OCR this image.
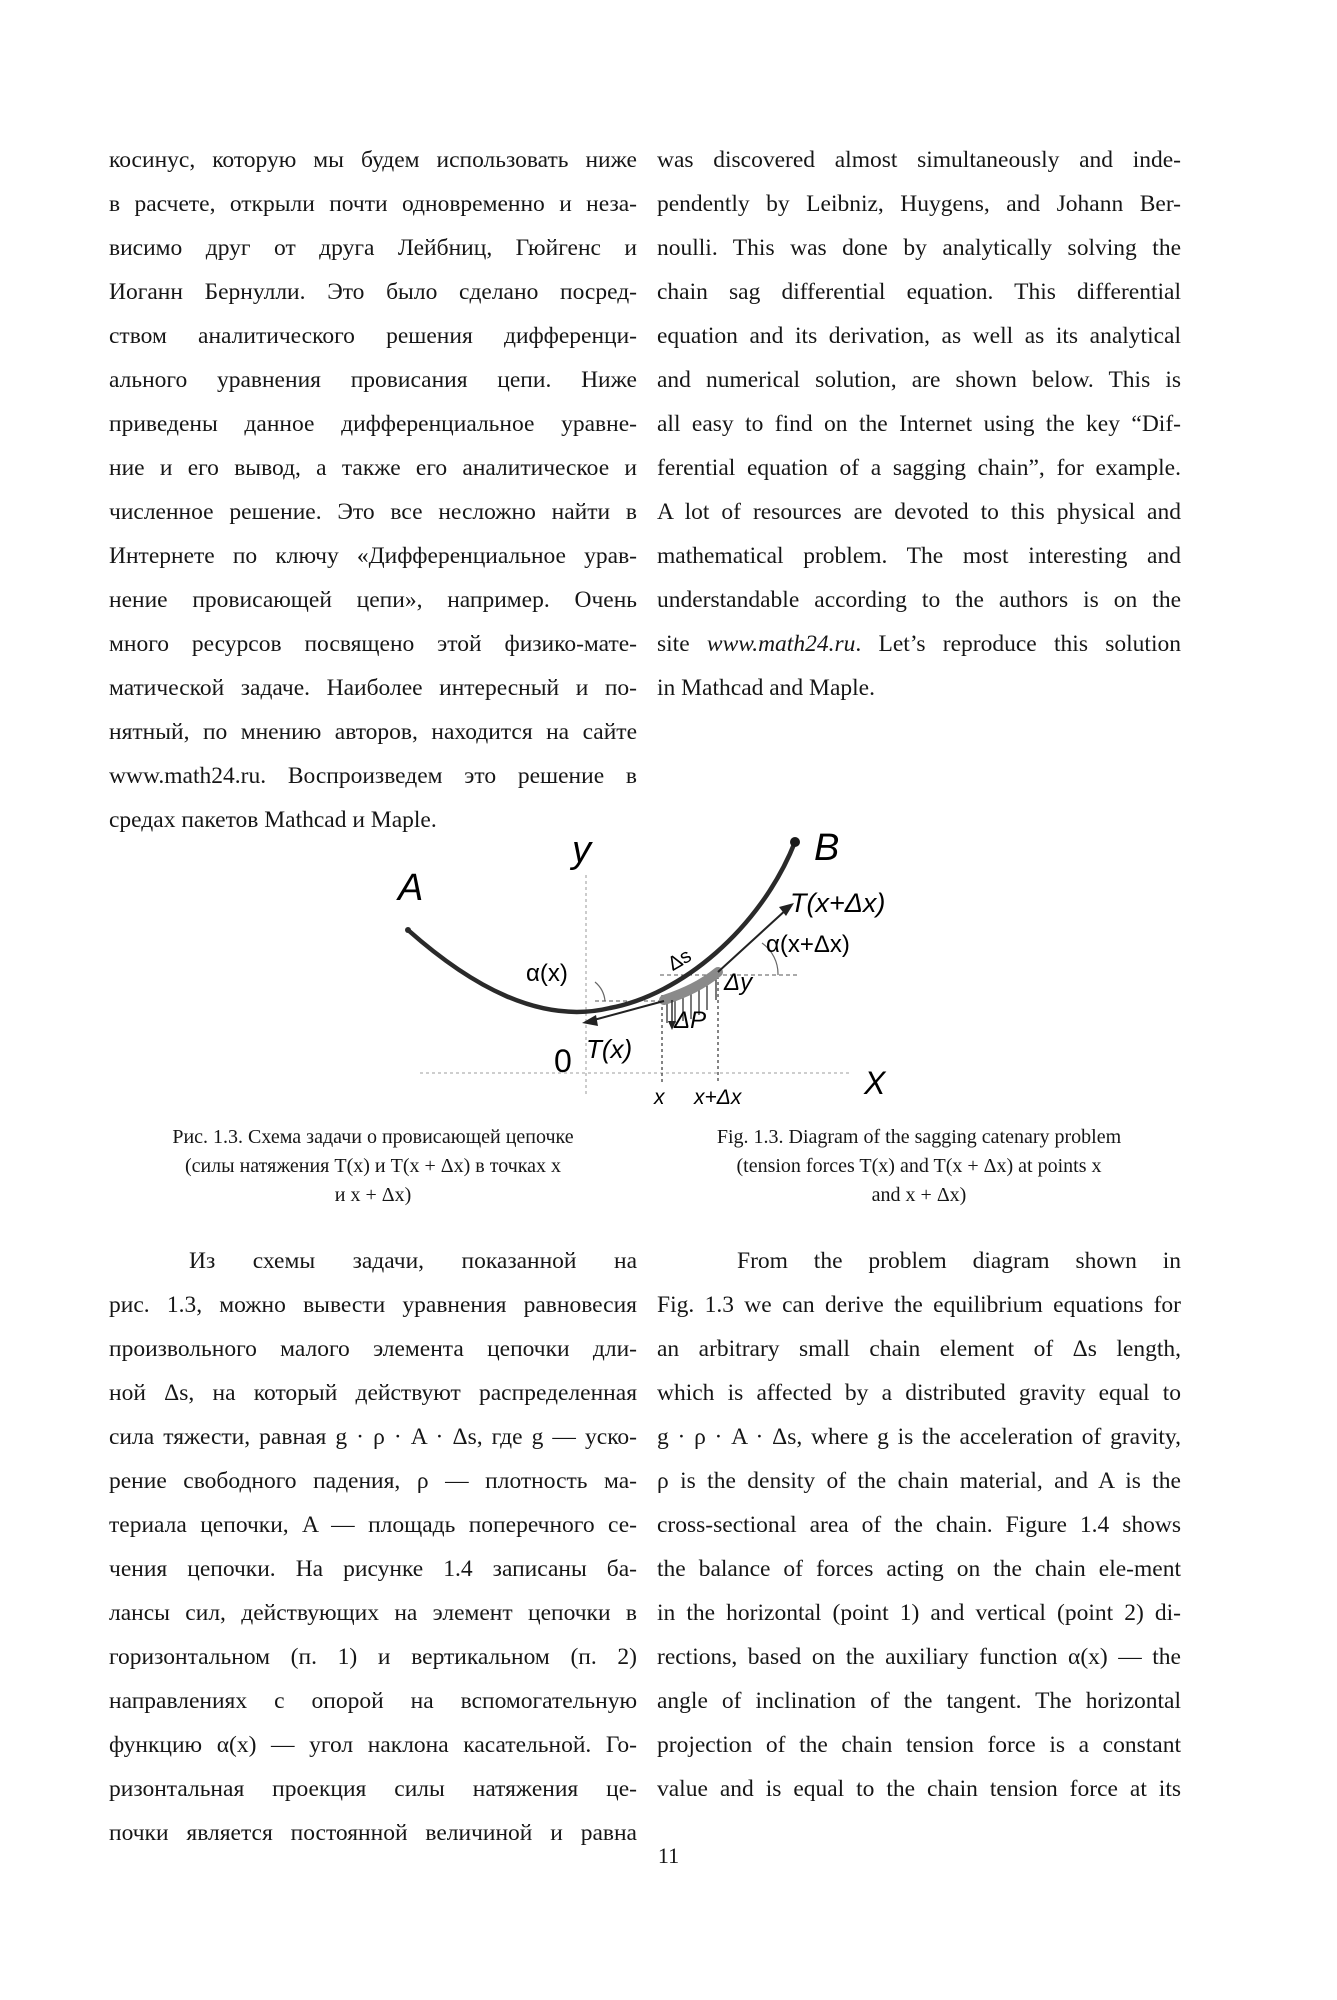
косинус, которую мы будем использовать ниже
в расчете, открыли почти одновременно и неза-
висимо друг от друга Лейбниц, Гюйгенс и
Иоганн Бернулли. Это было сделано посред-
ством аналитического решения дифференци-
ального уравнения провисания цепи. Ниже
приведены данное дифференциальное уравне-
ние и его вывод, а также его аналитическое и
численное решение. Это все несложно найти в
Интернете по ключу «Дифференциальное урав-
нение провисающей цепи», например. Очень
много ресурсов посвящено этой физико-мате-
матической задаче. Наиболее интересный и по-
нятный, по мнению авторов, находится на сайте
www.math24.ru. Воспроизведем это решение в
средах пакетов Mathcad и Maple.
was discovered almost simultaneously and inde-
pendently by Leibniz, Huygens, and Johann Ber-
noulli. This was done by analytically solving the
chain sag differential equation. This differential
equation and its derivation, as well as its analytical
and numerical solution, are shown below. This is
all easy to find on the Internet using the key “Dif-
ferential equation of a sagging chain”, for example.
A lot of resources are devoted to this physical and
mathematical problem. The most interesting and
understandable according to the authors is on the
site www.math24.ru. Let’s reproduce this solution
in Mathcad and Maple.
y	B
A	T(x+Δx)
α(x+Δx)
α(x)	Δs
Δy
ΔP
0 T(x)
X
x x+Δx
Рис. 1.3. Схема задачи о провисающей цепочке
(силы натяжения T(x) и T(x + Δx) в точках x
и x + Δx)
Fig. 1.3. Diagram of the sagging catenary problem
(tension forces T(x) and T(x + Δx) at points x
and x + Δx)
Из схемы задачи, показанной на
рис. 1.3, можно вывести уравнения равновесия
произвольного малого элемента цепочки дли-
ной Δs, на который действуют распределенная
сила тяжести, равная g · ρ · A · Δs, где g — уско-
рение свободного падения, ρ — плотность ма-
териала цепочки, A — площадь поперечного се-
чения цепочки. На рисунке 1.4 записаны ба-
лансы сил, действующих на элемент цепочки в
горизонтальном (п. 1) и вертикальном (п. 2)
направлениях с опорой на вспомогательную
функцию α(x) — угол наклона касательной. Го-
ризонтальная проекция силы натяжения це-
почки является постоянной величиной и равна
From the problem diagram shown in
Fig. 1.3 we can derive the equilibrium equations for
an arbitrary small chain element of Δs length,
which is affected by a distributed gravity equal to
g · ρ · A · Δs, where g is the acceleration of gravity,
ρ is the density of the chain material, and A is the
cross-sectional area of the chain. Figure 1.4 shows
the balance of forces acting on the chain ele-ment
in the horizontal (point 1) and vertical (point 2) di-
rections, based on the auxiliary function α(x) — the
angle of inclination of the tangent. The horizontal
projection of the chain tension force is a constant
value and is equal to the chain tension force at its
11
